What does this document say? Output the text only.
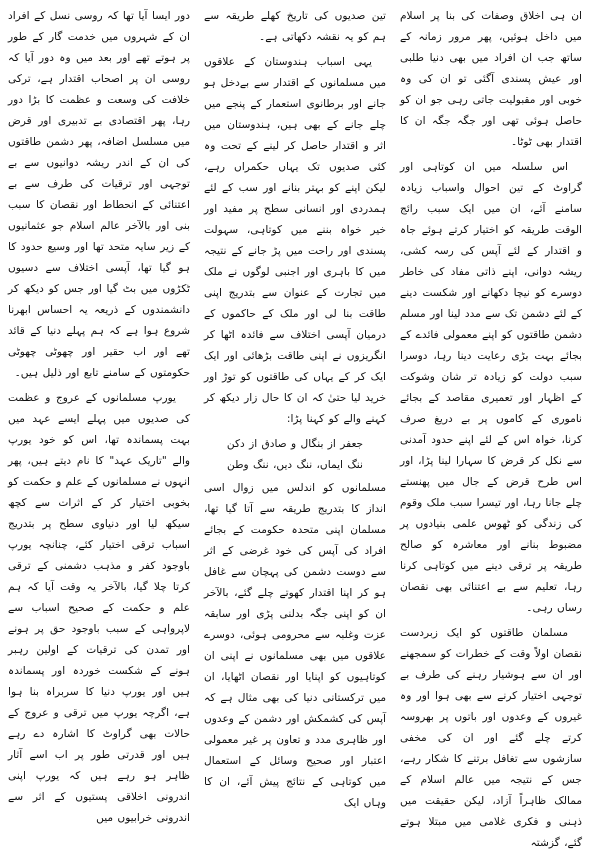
ان ہی اخلاق وصفات کی بنا پر اسلام میں داخل ہوئیں، پھر مرور زمانہ کے ساتھ جب ان افراد میں بھی دنیا طلبی اور عیش پسندی آگئی تو ان کی وہ خوبی اور مقبولیت جاتی رہی جو ان کو حاصل ہوئی تھی اور جگہ جگہ ان کا اقتدار بھی ٹوٹا۔

اس سلسلہ میں ان کوتاہی اور گراوٹ کے تین احوال واسباب زیادہ سامنے آئے، ان میں ایک سبب رائج الوقت طریقہ کو اختیار کرتے ہوئے جاہ و اقتدار کے لئے آپس کی رسہ کشی، ریشہ دوانی، اپنے ذاتی مفاد کی خاطر دوسرے کو نیچا دکھانے اور شکست دینے کے لئے دشمن تک سے مدد لینا اور مسلم دشمن طاقتوں کو اپنے معمولی فائدے کے بجائے بہت بڑی رعایت دینا رہا، دوسرا سبب دولت کو زیادہ تر شان وشوکت کے اظہار اور تعمیری مقاصد کے بجائے ناموری کے کاموں پر بے دریغ صرف کرنا، خواہ اس کے لئے اپنے حدود آمدنی سے نکل کر قرض کا سہارا لینا پڑا، اور اس طرح قرض کے جال میں پھنستے چلے جانا رہا، اور تیسرا سبب ملک وقوم کی زندگی کو ٹھوس علمی بنیادوں پر مضبوط بنانے اور معاشرہ کو صالح طریقہ پر ترقی دینے میں کوتاہی کرنا رہا، تعلیم سے بے اعتنائی بھی نقصان رساں رہی۔

مسلمان طاقتوں کو ایک زبردست نقصان اولاً وقت کے خطرات کو سمجھنے اور ان سے ہوشیار رہنے کی طرف بے توجہی اختیار کرنے سے بھی ہوا اور وہ غیروں کے وعدوں اور باتوں پر بھروسہ کرتے چلے گئے اور ان کی مخفی سازشوں سے تغافل برتنے کا شکار رہے، جس کے نتیجہ میں عالم اسلام کے ممالک ظاہراً آزاد، لیکن حقیقت میں ذہنی و فکری غلامی میں مبتلا ہوتے گئے، گزشتہ

تین صدیوں کی تاریخ کھلے طریقہ سے ہم کو یہ نقشہ دکھاتی ہے۔

یہی اسباب ہندوستان کے علاقوں میں مسلمانوں کے اقتدار سے بےدخل ہو جانے اور برطانوی استعمار کے پنجے میں چلے جانے کے بھی ہیں، ہندوستان میں اثر و اقتدار حاصل کر لینے کے تحت وہ کئی صدیوں تک یہاں حکمراں رہے، لیکن اپنے کو بہتر بنانے اور سب کے لئے ہمدردی اور انسانی سطح پر مفید اور خیر خواہ بننے میں کوتاہی، سہولت پسندی اور راحت میں پڑ جانے کے نتیجہ میں کا باہری اور اجنبی لوگوں نے ملک میں تجارت کے عنوان سے بتدریج اپنی طاقت بنا لی اور ملک کے حاکموں کے درمیان آپسی اختلاف سے فائدہ اٹھا کر انگریزوں نے اپنی طاقت بڑھائی اور ایک ایک کر کے یہاں کی طاقتوں کو توڑ اور خرید لیا حتیٰ کہ ان کا حال زار دیکھ کر کہنے والے کو کہنا پڑا:

جعفر از بنگال و صادق از دکن
ننگ ایماں، ننگ دیں، ننگ وطن

مسلمانوں کو اندلس میں زوال اسی انداز کا بتدریج طریقہ سے آتا گیا تھا، مسلمان اپنی متحدہ حکومت کے بجائے افراد کی آپس کی خود غرضی کے اثر سے دوست دشمن کی پہچان سے غافل ہو کر اپنا اقتدار کھوتے چلے گئے، بالآخر ان کو اپنی جگہ بدلنی پڑی اور سابقہ عزت وغلبہ سے محرومی ہوئی، دوسرے علاقوں میں بھی مسلمانوں نے اپنی ان کوتاہیوں کو اپنایا اور نقصان اٹھایا، ان میں ترکستانی دنیا کی بھی مثال ہے کہ آپس کی کشمکش اور دشمن کے وعدوں اور ظاہری مدد و تعاون پر غیر معمولی اعتبار اور صحیح وسائل کے استعمال میں کوتاہی کے نتائج پیش آئے، ان کا وہاں ایک

دور ایسا آیا تھا کہ روسی نسل کے افراد ان کے شہروں میں خدمت گار کے طور پر ہوتے تھے اور بعد میں وہ دور آیا کہ روسی ان پر اصحاب اقتدار ہے، ترکی خلافت کی وسعت و عظمت کا بڑا دور رہا، پھر اقتصادی بے تدبیری اور قرض میں مسلسل اضافہ، پھر دشمن طاقتوں کی ان کے اندر ریشہ دوانیوں سے بے توجہی اور ترقیات کی طرف سے بے اعتنائی کے انحطاط اور نقصان کا سبب بنی اور بالآخر عالم اسلام جو عثمانیوں کے زیر سایہ متحد تھا اور وسیع حدود کا ہو گیا تھا، آپسی اختلاف سے دسیوں ٹکڑوں میں بٹ گیا اور جس کو دیکھ کر دانشمندوں کے ذریعہ یہ احساس ابھرنا شروع ہوا ہے کہ ہم پہلے دنیا کے قائد تھے اور اب حقیر اور چھوٹی چھوٹی حکومتوں کے سامنے تابع اور ذلیل ہیں۔

یورپ مسلمانوں کے عروج و عظمت کی صدیوں میں پہلے ایسے عہد میں بہت پسماندہ تھا، اس کو خود یورپ والے "تاریک عہد" کا نام دیتے ہیں، پھر انہوں نے مسلمانوں کے علم و حکمت کو بخوبی اختیار کر کے اثرات سے کچھ سیکھ لیا اور دنیاوی سطح پر بتدریج اسباب ترقی اختیار کئے، چنانچہ یورپ باوجود کفر و مذہب دشمنی کے ترقی کرتا چلا گیا، بالآخر یہ وقت آیا کہ ہم علم و حکمت کے صحیح اسباب سے لاپرواہی کے سبب باوجود حق پر ہونے اور تمدن کی ترقیات کے اولین رہبر ہونے کے شکست خوردہ اور پسماندہ ہیں اور یورپ دنیا کا سربراہ بنا ہوا ہے، اگرچہ یورپ میں ترقی و عروج کے حالات بھی گراوٹ کا اشارہ دے رہے ہیں اور قدرتی طور پر اب اسے آثار ظاہر ہو رہے ہیں کہ یورپ اپنی اندرونی اخلاقی پستیوں کے اثر سے اندرونی خرابیوں میں
